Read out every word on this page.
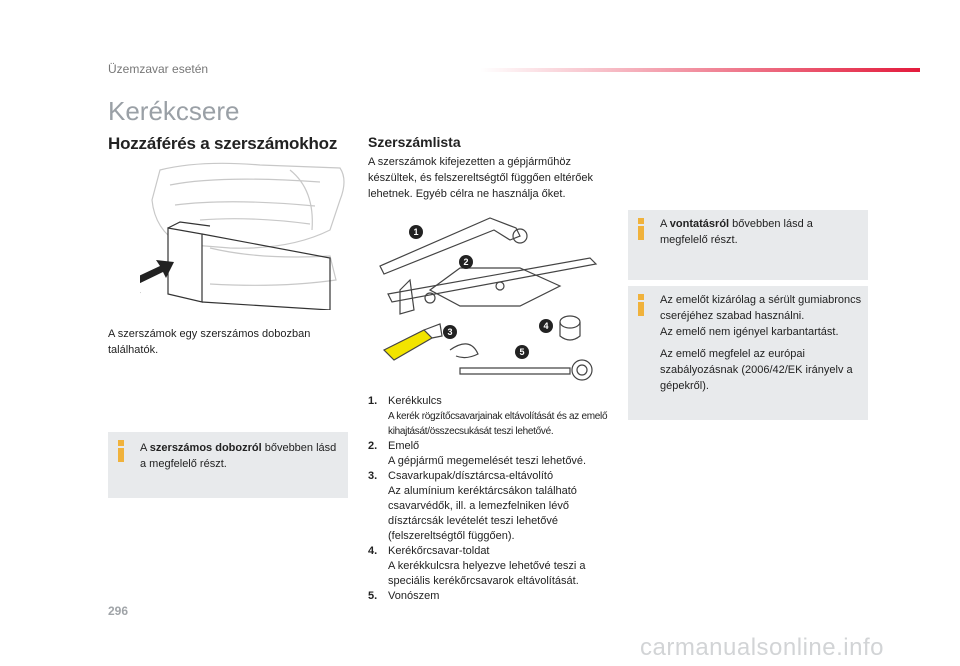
Üzemzavar esetén
Kerékcsere
Hozzáférés a szerszámokhoz Szerszámlista
A szerszámok kifejezetten a gépjárműhöz készültek, és felszereltségtől függően eltérőek lehetnek. Egyéb célra ne használja őket.
A szerszámok egy szerszámos dobozban találhatók.
A szerszámos dobozról bővebben lásd a megfelelő részt.
1
2
3
4
5
1. Kerékkulcs
A kerék rögzítőcsavarjainak eltávolítását és az emelő kihajtását/összecsukását teszi lehetővé.
2. Emelő
A gépjármű megemelését teszi lehetővé.
3. Csavarkupak/dísztárcsa-eltávolító
Az alumínium keréktárcsákon található csavarvédők, ill. a lemezfelniken lévő dísztárcsák levételét teszi lehetővé (felszereltségtől függően).
4. Kerékőrcsavar-toldat
A kerékkulcsra helyezve lehetővé teszi a speciális kerékőrcsavarok eltávolítását.
5. Vonószem
A vontatásról bővebben lásd a megfelelő részt.
Az emelőt kizárólag a sérült gumiabroncs cseréjéhez szabad használni.
Az emelő nem igényel karbantartást.
Az emelő megfelel az európai szabályozásnak (2006/42/EK irányelv a gépekről).
296
carmanualsonline.info
